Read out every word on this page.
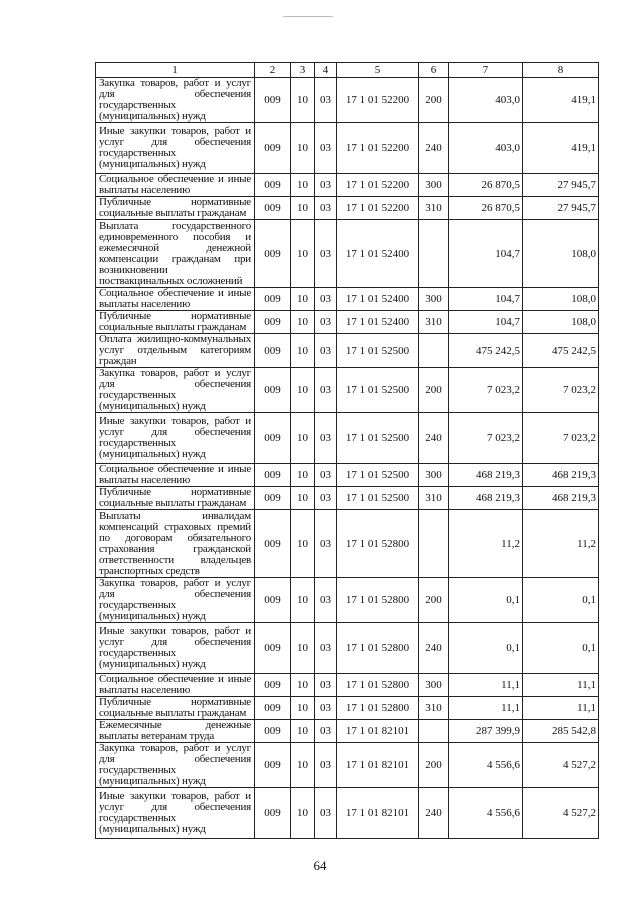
1	2	3	4	5	6	7	8
Закупка товаров, работ и услуг для обеспечения государственных (муниципальных) нужд	009	10	03	17 1 01 52200	200	403,0	419,1
Иные закупки товаров, работ и услуг для обеспечения государственных (муниципальных) нужд	009	10	03	17 1 01 52200	240	403,0	419,1
Социальное обеспечение и иные выплаты населению	009	10	03	17 1 01 52200	300	26 870,5	27 945,7
Публичные нормативные социальные выплаты гражданам	009	10	03	17 1 01 52200	310	26 870,5	27 945,7
Выплата государственного единовременного пособия и ежемесячной денежной компенсации гражданам при возникновении поствакцинальных осложнений	009	10	03	17 1 01 52400		104,7	108,0
Социальное обеспечение и иные выплаты населению	009	10	03	17 1 01 52400	300	104,7	108,0
Публичные нормативные социальные выплаты гражданам	009	10	03	17 1 01 52400	310	104,7	108,0
Оплата жилищно-коммунальных услуг отдельным категориям граждан	009	10	03	17 1 01 52500		475 242,5	475 242,5
Закупка товаров, работ и услуг для обеспечения государственных (муниципальных) нужд	009	10	03	17 1 01 52500	200	7 023,2	7 023,2
Иные закупки товаров, работ и услуг для обеспечения государственных (муниципальных) нужд	009	10	03	17 1 01 52500	240	7 023,2	7 023,2
Социальное обеспечение и иные выплаты населению	009	10	03	17 1 01 52500	300	468 219,3	468 219,3
Публичные нормативные социальные выплаты гражданам	009	10	03	17 1 01 52500	310	468 219,3	468 219,3
Выплаты инвалидам компенсаций страховых премий по договорам обязательного страхования гражданской ответственности владельцев транспортных средств	009	10	03	17 1 01 52800		11,2	11,2
Закупка товаров, работ и услуг для обеспечения государственных (муниципальных) нужд	009	10	03	17 1 01 52800	200	0,1	0,1
Иные закупки товаров, работ и услуг для обеспечения государственных (муниципальных) нужд	009	10	03	17 1 01 52800	240	0,1	0,1
Социальное обеспечение и иные выплаты населению	009	10	03	17 1 01 52800	300	11,1	11,1
Публичные нормативные социальные выплаты гражданам	009	10	03	17 1 01 52800	310	11,1	11,1
Ежемесячные денежные выплаты ветеранам труда	009	10	03	17 1 01 82101		287 399,9	285 542,8
Закупка товаров, работ и услуг для обеспечения государственных (муниципальных) нужд	009	10	03	17 1 01 82101	200	4 556,6	4 527,2
Иные закупки товаров, работ и услуг для обеспечения государственных (муниципальных) нужд	009	10	03	17 1 01 82101	240	4 556,6	4 527,2
64
